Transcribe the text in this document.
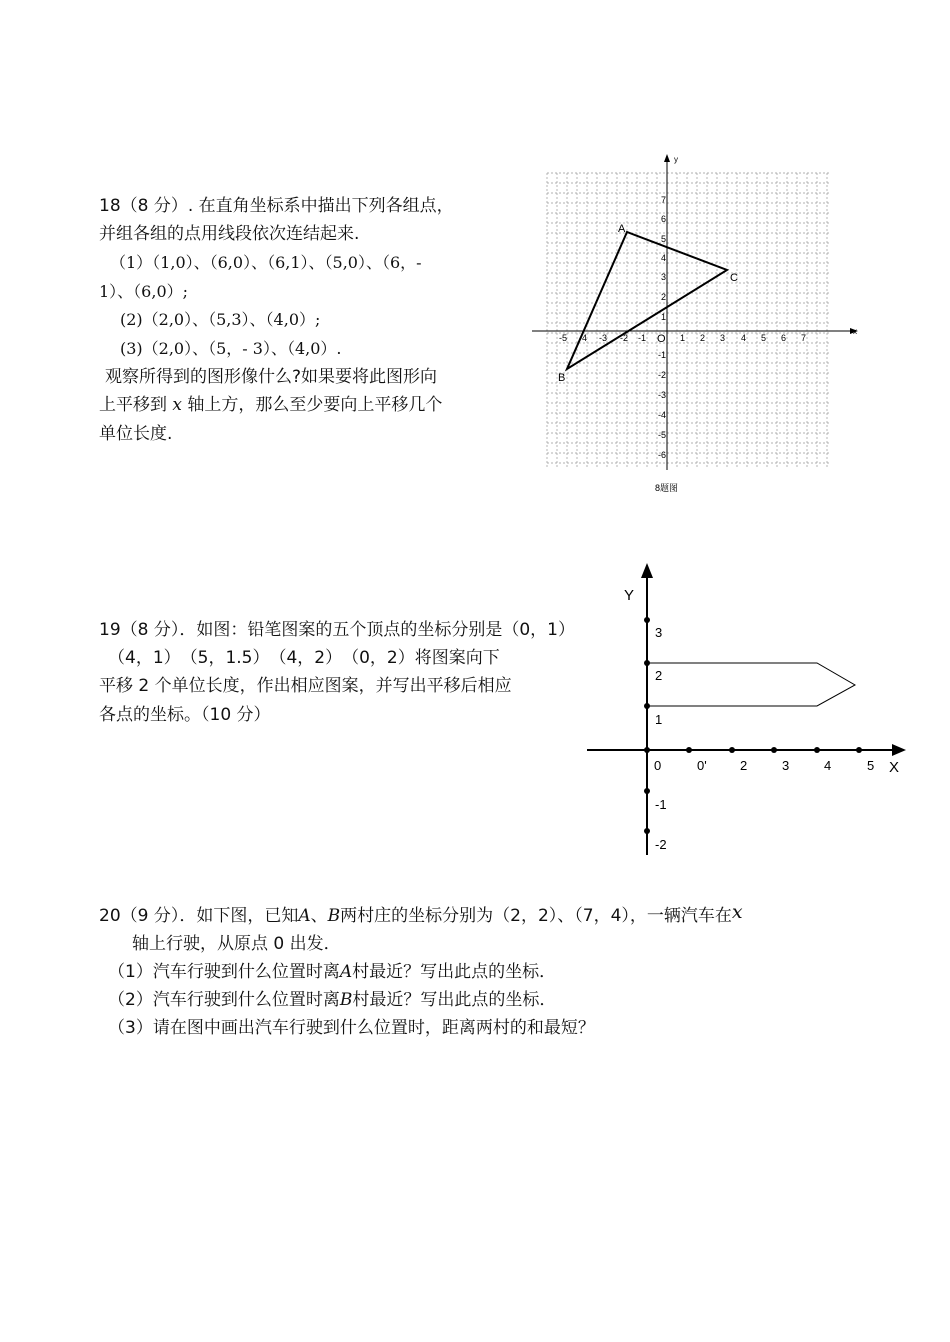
18（8 分）. 在直角坐标系中描出下列各组点，
并组各组的点用线段依次连结起来.
（1）（1,0）、（6,0）、（6,1）、（5,0）、（6，-
1）、（6,0）;
(2)（2,0）、（5,3）、（4,0）;
(3)（2,0）、（5，- 3）、（4,0）.
观察所得到的图形像什么?如果要将此图形向
上平移到 x 轴上方，那么至少要向上平移几个
单位长度.
x
y
O
-5 -4 -3 -2 -1	1 2 3 4 5 6 7
7
6
5
4
3
2
1
-1
-2
-3
-4
-5
-6
A
B
C
8题图
19（8 分）．如图：铅笔图案的五个顶点的坐标分别是（0，1）
（4，1）　（5，1.5）　（4，2）　（0，2）将图案向下
平移 2 个单位长度，作出相应图案，并写出平移后相应
各点的坐标。（10 分）
Y
X
3
2
1
-1
-2
0	0'	2	3	4	5
20（9 分）．如下图，已知A、B两村庄的坐标分别为（2，2）、（7，4），一辆汽车在x
轴上行驶，从原点 0 出发．
（1）汽车行驶到什么位置时离A村最近？写出此点的坐标．
（2）汽车行驶到什么位置时离B村最近？写出此点的坐标．
（3）请在图中画出汽车行驶到什么位置时，距离两村的和最短？
